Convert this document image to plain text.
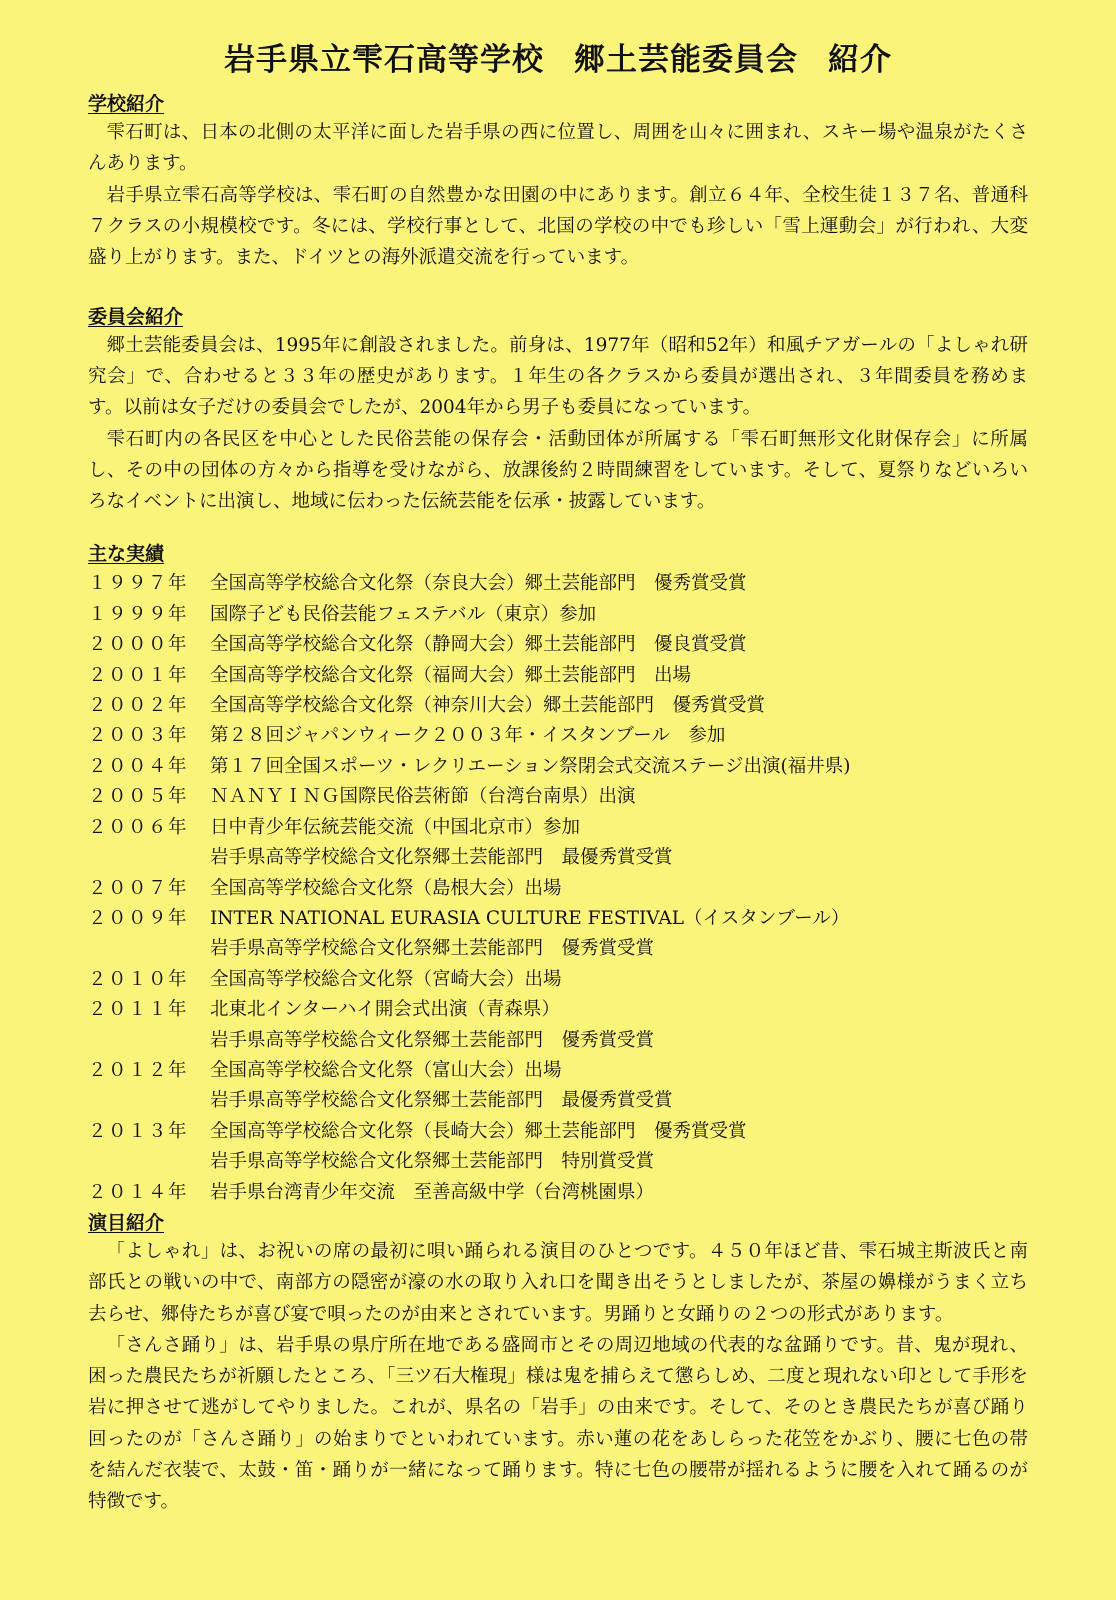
岩手県立雫石高等学校 郷土芸能委員会 紹介
学校紹介

雫石町は、日本の北側の太平洋に面した岩手県の西に位置し、周囲を山々に囲まれ、スキー場や温泉がたくさんあります。

岩手県立雫石高等学校は、雫石町の自然豊かな田園の中にあります。創立６４年、全校生徒１３７名、普通科７クラスの小規模校です。冬には、学校行事として、北国の学校の中でも珍しい「雪上運動会」が行われ、大変盛り上がります。また、ドイツとの海外派遣交流を行っています。

委員会紹介

郷土芸能委員会は、1995年に創設されました。前身は、1977年（昭和52年）和風チアガールの「よしゃれ研究会」で、合わせると３３年の歴史があります。１年生の各クラスから委員が選出され、３年間委員を務めます。以前は女子だけの委員会でしたが、2004年から男子も委員になっています。

雫石町内の各民区を中心とした民俗芸能の保存会・活動団体が所属する「雫石町無形文化財保存会」に所属し、その中の団体の方々から指導を受けながら、放課後約２時間練習をしています。そして、夏祭りなどいろいろなイベントに出演し、地域に伝わった伝統芸能を伝承・披露しています。

主な実績
１９９７年	全国高等学校総合文化祭（奈良大会）郷土芸能部門　優秀賞受賞
１９９９年	国際子ども民俗芸能フェステバル（東京）参加
２０００年	全国高等学校総合文化祭（静岡大会）郷土芸能部門　優良賞受賞
２００１年	全国高等学校総合文化祭（福岡大会）郷土芸能部門　出場
２００２年	全国高等学校総合文化祭（神奈川大会）郷土芸能部門　優秀賞受賞
２００３年	第２８回ジャパンウィーク２００３年・イスタンブール　参加
２００４年	第１７回全国スポーツ・レクリエーション祭閉会式交流ステージ出演(福井県)
２００５年	ＮＡＮＹＩＮＧ国際民俗芸術節（台湾台南県）出演
２００６年	日中青少年伝統芸能交流（中国北京市）参加
岩手県高等学校総合文化祭郷土芸能部門　最優秀賞受賞
２００７年	全国高等学校総合文化祭（島根大会）出場
２００９年	INTER NATIONAL EURASIA CULTURE FESTIVAL（イスタンブール）
岩手県高等学校総合文化祭郷土芸能部門　優秀賞受賞
２０１０年	全国高等学校総合文化祭（宮崎大会）出場
２０１１年	北東北インターハイ開会式出演（青森県）
岩手県高等学校総合文化祭郷土芸能部門　優秀賞受賞
２０１２年	全国高等学校総合文化祭（富山大会）出場
岩手県高等学校総合文化祭郷土芸能部門　最優秀賞受賞
２０１３年	全国高等学校総合文化祭（長崎大会）郷土芸能部門　優秀賞受賞
岩手県高等学校総合文化祭郷土芸能部門　特別賞受賞
２０１４年	岩手県台湾青少年交流　至善高級中学（台湾桃園県）
演目紹介

「よしゃれ」は、お祝いの席の最初に唄い踊られる演目のひとつです。４５０年ほど昔、雫石城主斯波氏と南部氏との戦いの中で、南部方の隠密が濠の水の取り入れ口を聞き出そうとしましたが、茶屋の嬶様がうまく立ち去らせ、郷侍たちが喜び宴で唄ったのが由来とされています。男踊りと女踊りの２つの形式があります。

「さんさ踊り」は、岩手県の県庁所在地である盛岡市とその周辺地域の代表的な盆踊りです。昔、鬼が現れ、困った農民たちが祈願したところ、「三ツ石大権現」様は鬼を捕らえて懲らしめ、二度と現れない印として手形を岩に押させて逃がしてやりました。これが、県名の「岩手」の由来です。そして、そのとき農民たちが喜び踊り回ったのが「さんさ踊り」の始まりでといわれています。赤い蓮の花をあしらった花笠をかぶり、腰に七色の帯を結んだ衣装で、太鼓・笛・踊りが一緒になって踊ります。特に七色の腰帯が揺れるように腰を入れて踊るのが特徴です。
